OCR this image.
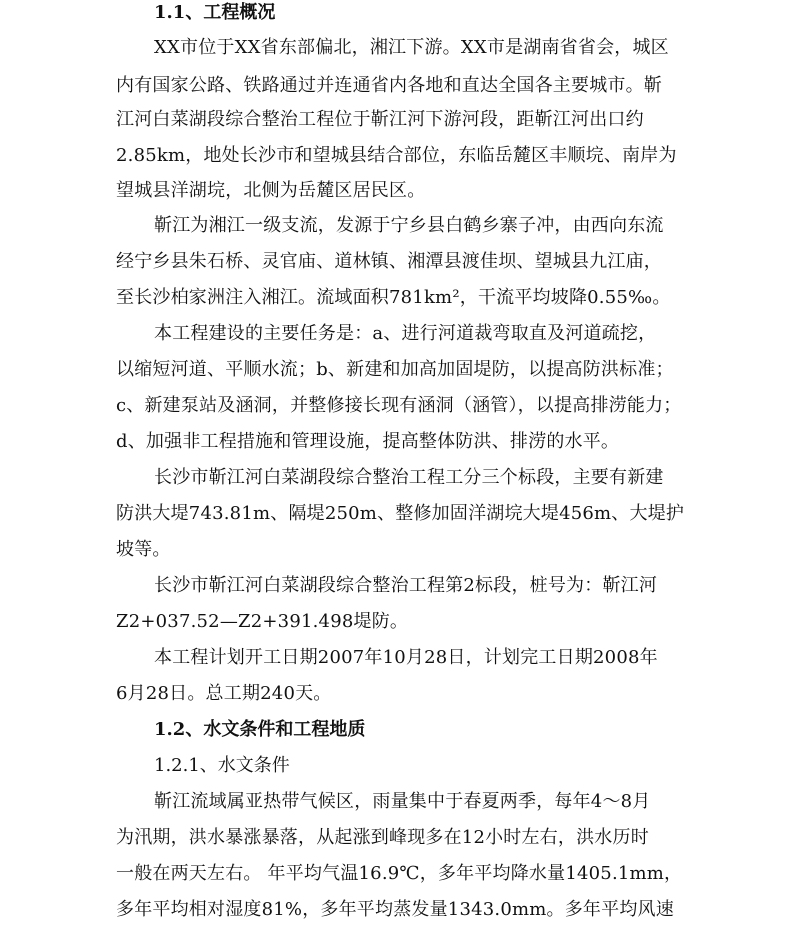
1.1、工程概况
XX市位于XX省东部偏北，湘江下游。XX市是湖南省省会，城区
内有国家公路、铁路通过并连通省内各地和直达全国各主要城市。靳
江河白菜湖段综合整治工程位于靳江河下游河段，距靳江河出口约
2.85km，地处长沙市和望城县结合部位，东临岳麓区丰顺垸、南岸为
望城县洋湖垸，北侧为岳麓区居民区。
靳江为湘江一级支流，发源于宁乡县白鹤乡寨子冲，由西向东流
经宁乡县朱石桥、灵官庙、道林镇、湘潭县渡佳坝、望城县九江庙，
至长沙柏家洲注入湘江。流域面积781km²，干流平均坡降0.55‰。
本工程建设的主要任务是：a、进行河道裁弯取直及河道疏挖，
以缩短河道、平顺水流；b、新建和加高加固堤防，以提高防洪标准；
c、新建泵站及涵洞，并整修接长现有涵洞（涵管），以提高排涝能力；
d、加强非工程措施和管理设施，提高整体防洪、排涝的水平。
长沙市靳江河白菜湖段综合整治工程工分三个标段，主要有新建
防洪大堤743.81m、隔堤250m、整修加固洋湖垸大堤456m、大堤护
坡等。
长沙市靳江河白菜湖段综合整治工程第2标段，桩号为：靳江河
Z2+037.52—Z2+391.498堤防。
本工程计划开工日期2007年10月28日，计划完工日期2008年
6月28日。总工期240天。
1.2、水文条件和工程地质
1.2.1、水文条件
靳江流域属亚热带气候区，雨量集中于春夏两季，每年4～8月
为汛期，洪水暴涨暴落，从起涨到峰现多在12小时左右，洪水历时
一般在两天左右。 年平均气温16.9℃，多年平均降水量1405.1mm，
多年平均相对湿度81%，多年平均蒸发量1343.0mm。多年平均风速
